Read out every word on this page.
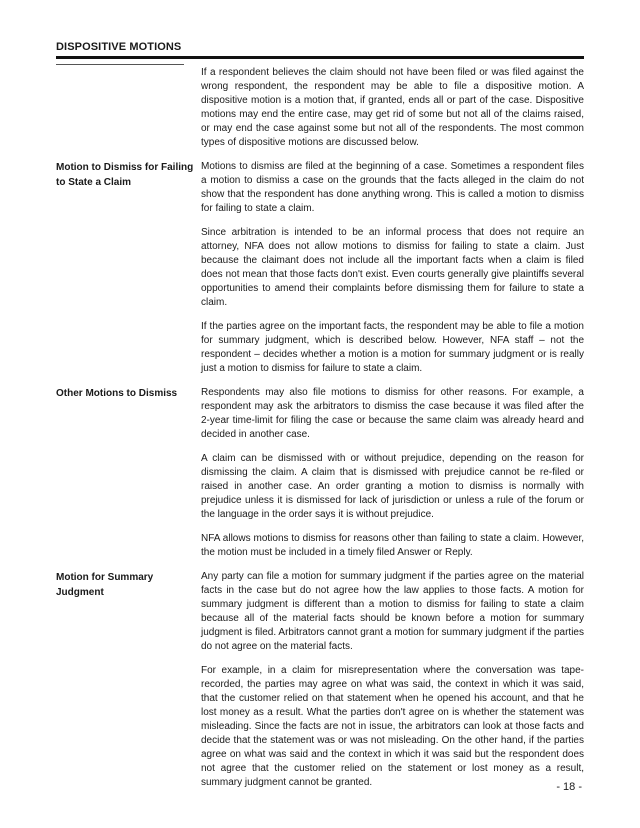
DISPOSITIVE MOTIONS

If a respondent believes the claim should not have been filed or was filed against the wrong respondent, the respondent may be able to file a dispositive motion. A dispositive motion is a motion that, if granted, ends all or part of the case. Dispositive motions may end the entire case, may get rid of some but not all of the claims raised, or may end the case against some but not all of the respondents. The most common types of dispositive motions are discussed below.

Motion to Dismiss for Failing to State a Claim

Motions to dismiss are filed at the beginning of a case. Sometimes a respondent files a motion to dismiss a case on the grounds that the facts alleged in the claim do not show that the respondent has done anything wrong. This is called a motion to dismiss for failing to state a claim.

Since arbitration is intended to be an informal process that does not require an attorney, NFA does not allow motions to dismiss for failing to state a claim. Just because the claimant does not include all the important facts when a claim is filed does not mean that those facts don't exist. Even courts generally give plaintiffs several opportunities to amend their complaints before dismissing them for failure to state a claim.

If the parties agree on the important facts, the respondent may be able to file a motion for summary judgment, which is described below. However, NFA staff – not the respondent – decides whether a motion is a motion for summary judgment or is really just a motion to dismiss for failure to state a claim.

Other Motions to Dismiss	Respondents may also file motions to dismiss for other reasons. For example, a respondent may ask the arbitrators to dismiss the case because it was filed after the 2-year time-limit for filing the case or because the same claim was already heard and decided in another case.

A claim can be dismissed with or without prejudice, depending on the reason for dismissing the claim. A claim that is dismissed with prejudice cannot be re-filed or raised in another case. An order granting a motion to dismiss is normally with prejudice unless it is dismissed for lack of jurisdiction or unless a rule of the forum or the language in the order says it is without prejudice.

NFA allows motions to dismiss for reasons other than failing to state a claim. However, the motion must be included in a timely filed Answer or Reply.

Motion for Summary Judgment

Any party can file a motion for summary judgment if the parties agree on the material facts in the case but do not agree how the law applies to those facts. A motion for summary judgment is different than a motion to dismiss for failing to state a claim because all of the material facts should be known before a motion for summary judgment is filed. Arbitrators cannot grant a motion for summary judgment if the parties do not agree on the material facts.

For example, in a claim for misrepresentation where the conversation was tape-recorded, the parties may agree on what was said, the context in which it was said, that the customer relied on that statement when he opened his account, and that he lost money as a result. What the parties don't agree on is whether the statement was misleading. Since the facts are not in issue, the arbitrators can look at those facts and decide that the statement was or was not misleading. On the other hand, if the parties agree on what was said and the context in which it was said but the respondent does not agree that the customer relied on the statement or lost money as a result, summary judgment cannot be granted.	- 18 -
